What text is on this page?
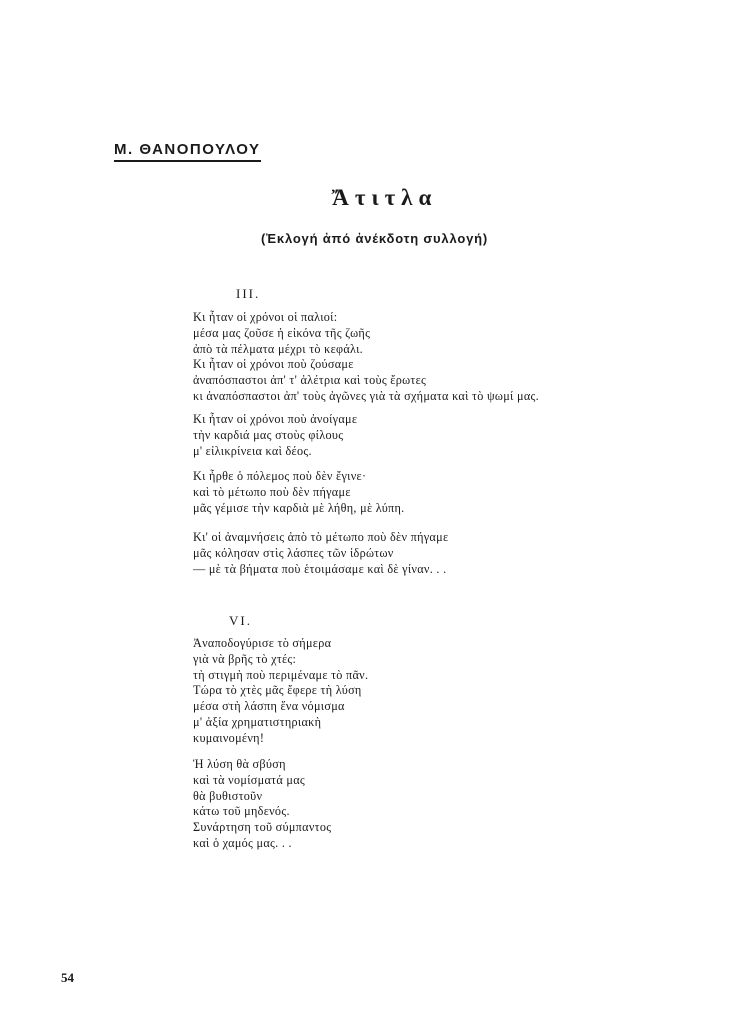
Μ. ΘΑΝΟΠΟΥΛΟΥ
Ἄτιτλα

(Ἐκλογή ἀπό ἀνέκδοτη συλλογή)

III.

Κι ἦταν οἱ χρόνοι οἱ παλιοί:
μέσα μας ζοῦσε ἡ εἰκόνα τῆς ζωῆς
ἀπὸ τὰ πέλματα μέχρι τὸ κεφάλι.
Κι ἦταν οἱ χρόνοι ποὺ ζούσαμε
ἀναπόσπαστοι ἀπ' τ' ἀλέτρια καὶ τοὺς ἔρωτες
κι ἀναπόσπαστοι ἀπ' τοὺς ἀγῶνες γιὰ τὰ σχήματα καὶ τὸ ψωμί μας.

Κι ἦταν οἱ χρόνοι ποὺ ἀνοίγαμε
τὴν καρδιά μας στοὺς φίλους
μ' εἰλικρίνεια καὶ δέος.

Κι ἦρθε ὁ πόλεμος ποὺ δὲν ἔγινε·
καὶ τὸ μέτωπο ποὺ δὲν πήγαμε
μᾶς γέμισε τὴν καρδιὰ μὲ λήθη, μὲ λύπη.

Κι' οἱ ἀναμνήσεις ἀπὸ τὸ μέτωπο ποὺ δὲν πήγαμε
μᾶς κόλησαν στὶς λάσπες τῶν ἱδρώτων
— μὲ τὰ βήματα ποὺ ἑτοιμάσαμε καὶ δὲ γίναν. . .

VI.

Ἀναποδογύρισε τὸ σήμερα
γιὰ νὰ βρῆς τὸ χτές:
τὴ στιγμὴ ποὺ περιμέναμε τὸ πᾶν.
Τώρα τὸ χτὲς μᾶς ἔφερε τὴ λύση
μέσα στὴ λάσπη ἕνα νόμισμα
μ' ἀξία χρηματιστηριακὴ
κυμαινομένη!

Ἡ λύση θὰ σβύση
καὶ τὰ νομίσματά μας
θὰ βυθιστοῦν
κάτω τοῦ μηδενός.
Συνάρτηση τοῦ σύμπαντος
καὶ ὁ χαμός μας. . .

54
